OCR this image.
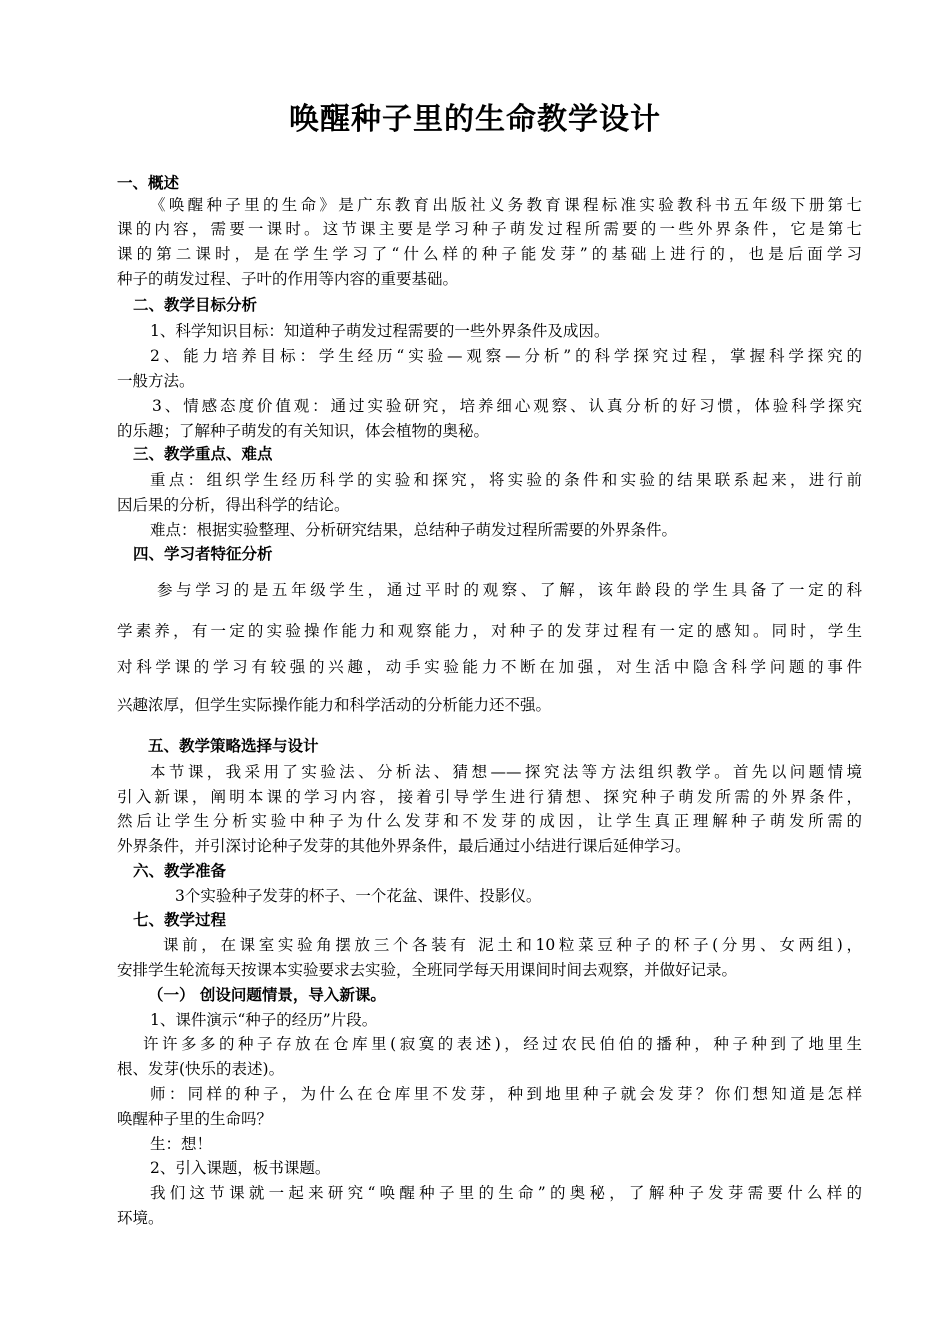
唤醒种子里的生命教学设计
一、概述
《唤醒种子里的生命》是广东教育出版社义务教育课程标准实验教科书五年级下册第七
课的内容，需要一课时。这节课主要是学习种子萌发过程所需要的一些外界条件，它是第七
课的第二课时，是在学生学习了“什么样的种子能发芽”的基础上进行的，也是后面学习
种子的萌发过程、子叶的作用等内容的重要基础。
二、教学目标分析
1、科学知识目标：知道种子萌发过程需要的一些外界条件及成因。
2、能力培养目标：学生经历“实验—观察—分析”的科学探究过程，掌握科学探究的
一般方法。
3、情感态度价值观：通过实验研究，培养细心观察、认真分析的好习惯，体验科学探究
的乐趣；了解种子萌发的有关知识，体会植物的奥秘。
三、教学重点、难点
重点：组织学生经历科学的实验和探究，将实验的条件和实验的结果联系起来，进行前
因后果的分析，得出科学的结论。
难点：根据实验整理、分析研究结果，总结种子萌发过程所需要的外界条件。
四、学习者特征分析
参与学习的是五年级学生，通过平时的观察、了解，该年龄段的学生具备了一定的科
学素养，有一定的实验操作能力和观察能力，对种子的发芽过程有一定的感知。同时，学生
对科学课的学习有较强的兴趣，动手实验能力不断在加强，对生活中隐含科学问题的事件
兴趣浓厚，但学生实际操作能力和科学活动的分析能力还不强。
五、教学策略选择与设计
本节课，我采用了实验法、分析法、猜想——探究法等方法组织教学。首先以问题情境
引入新课，阐明本课的学习内容，接着引导学生进行猜想、探究种子萌发所需的外界条件，
然后让学生分析实验中种子为什么发芽和不发芽的成因，让学生真正理解种子萌发所需的
外界条件，并引深讨论种子发芽的其他外界条件，最后通过小结进行课后延伸学习。
六、教学准备
3个实验种子发芽的杯子、一个花盆、课件、投影仪。
七、教学过程
课前，在课室实验角摆放三个各装有 泥土和10粒菜豆种子的杯子(分男、女两组)，
安排学生轮流每天按课本实验要求去实验，全班同学每天用课间时间去观察，并做好记录。
（一） 创设问题情景，导入新课。
1、课件演示“种子的经历”片段。
许许多多的种子存放在仓库里(寂寞的表述)，经过农民伯伯的播种，种子种到了地里生
根、发芽(快乐的表述)。
师：同样的种子，为什么在仓库里不发芽，种到地里种子就会发芽？你们想知道是怎样
唤醒种子里的生命吗？
生：想！
2、引入课题，板书课题。
我们这节课就一起来研究“唤醒种子里的生命”的奥秘，了解种子发芽需要什么样的
环境。
